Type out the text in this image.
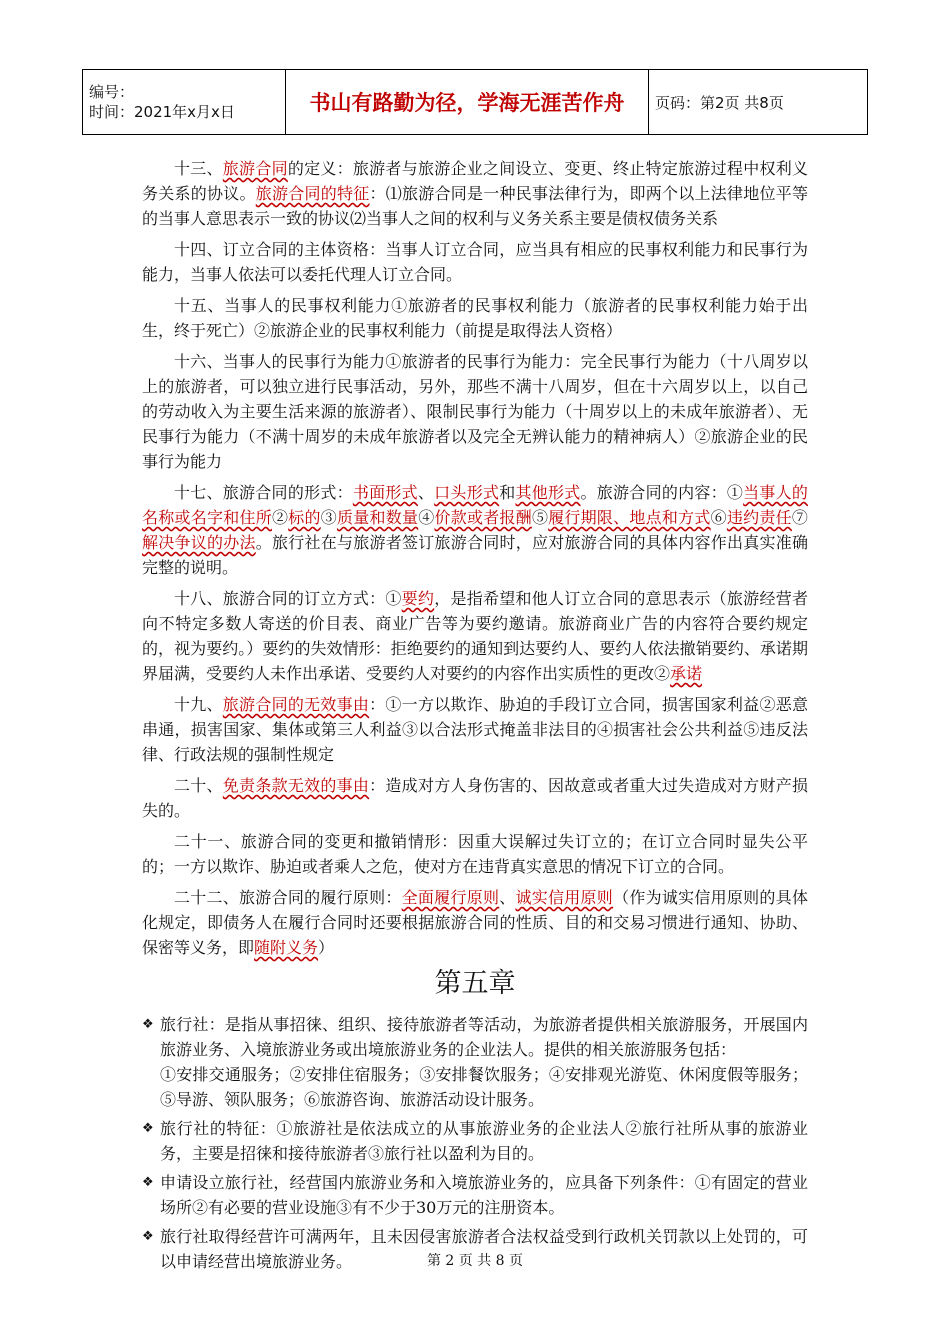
编号：
时间：2021年x月x日	书山有路勤为径，学海无涯苦作舟	页码：第2页 共8页

十三、旅游合同的定义：旅游者与旅游企业之间设立、变更、终止特定旅游过程中权利义务关系的协议。旅游合同的特征：⑴旅游合同是一种民事法律行为，即两个以上法律地位平等的当事人意思表示一致的协议⑵当事人之间的权利与义务关系主要是债权债务关系

十四、订立合同的主体资格：当事人订立合同，应当具有相应的民事权利能力和民事行为能力，当事人依法可以委托代理人订立合同。

十五、当事人的民事权利能力①旅游者的民事权利能力（旅游者的民事权利能力始于出生，终于死亡）②旅游企业的民事权利能力（前提是取得法人资格）

十六、当事人的民事行为能力①旅游者的民事行为能力：完全民事行为能力（十八周岁以上的旅游者，可以独立进行民事活动，另外，那些不满十八周岁，但在十六周岁以上，以自己的劳动收入为主要生活来源的旅游者）、限制民事行为能力（十周岁以上的未成年旅游者）、无民事行为能力（不满十周岁的未成年旅游者以及完全无辨认能力的精神病人）②旅游企业的民事行为能力

十七、旅游合同的形式：书面形式、口头形式和其他形式。旅游合同的内容：①当事人的名称或名字和住所②标的③质量和数量④价款或者报酬⑤履行期限、地点和方式⑥违约责任⑦解决争议的办法。旅行社在与旅游者签订旅游合同时，应对旅游合同的具体内容作出真实准确完整的说明。

十八、旅游合同的订立方式：①要约，是指希望和他人订立合同的意思表示（旅游经营者向不特定多数人寄送的价目表、商业广告等为要约邀请。旅游商业广告的内容符合要约规定的，视为要约。）要约的失效情形：拒绝要约的通知到达要约人、要约人依法撤销要约、承诺期界届满，受要约人未作出承诺、受要约人对要约的内容作出实质性的更改②承诺

十九、旅游合同的无效事由：①一方以欺诈、胁迫的手段订立合同，损害国家利益②恶意串通，损害国家、集体或第三人利益③以合法形式掩盖非法目的④损害社会公共利益⑤违反法律、行政法规的强制性规定

二十、免责条款无效的事由：造成对方人身伤害的、因故意或者重大过失造成对方财产损失的。

二十一、旅游合同的变更和撤销情形：因重大误解过失订立的；在订立合同时显失公平的；一方以欺诈、胁迫或者乘人之危，使对方在违背真实意思的情况下订立的合同。

二十二、旅游合同的履行原则：全面履行原则、诚实信用原则（作为诚实信用原则的具体化规定，即债务人在履行合同时还要根据旅游合同的性质、目的和交易习惯进行通知、协助、保密等义务，即随附义务）

第五章
❖ 旅行社：是指从事招徕、组织、接待旅游者等活动，为旅游者提供相关旅游服务，开展国内旅游业务、入境旅游业务或出境旅游业务的企业法人。提供的相关旅游服务包括：
①安排交通服务；②安排住宿服务；③安排餐饮服务；④安排观光游览、休闲度假等服务；⑤导游、领队服务；⑥旅游咨询、旅游活动设计服务。
❖ 旅行社的特征：①旅游社是依法成立的从事旅游业务的企业法人②旅行社所从事的旅游业务，主要是招徕和接待旅游者③旅行社以盈利为目的。
❖ 申请设立旅行社，经营国内旅游业务和入境旅游业务的，应具备下列条件：①有固定的营业场所②有必要的营业设施③有不少于30万元的注册资本。
❖ 旅行社取得经营许可满两年，且未因侵害旅游者合法权益受到行政机关罚款以上处罚的，可以申请经营出境旅游业务。	第 2 页 共 8 页
